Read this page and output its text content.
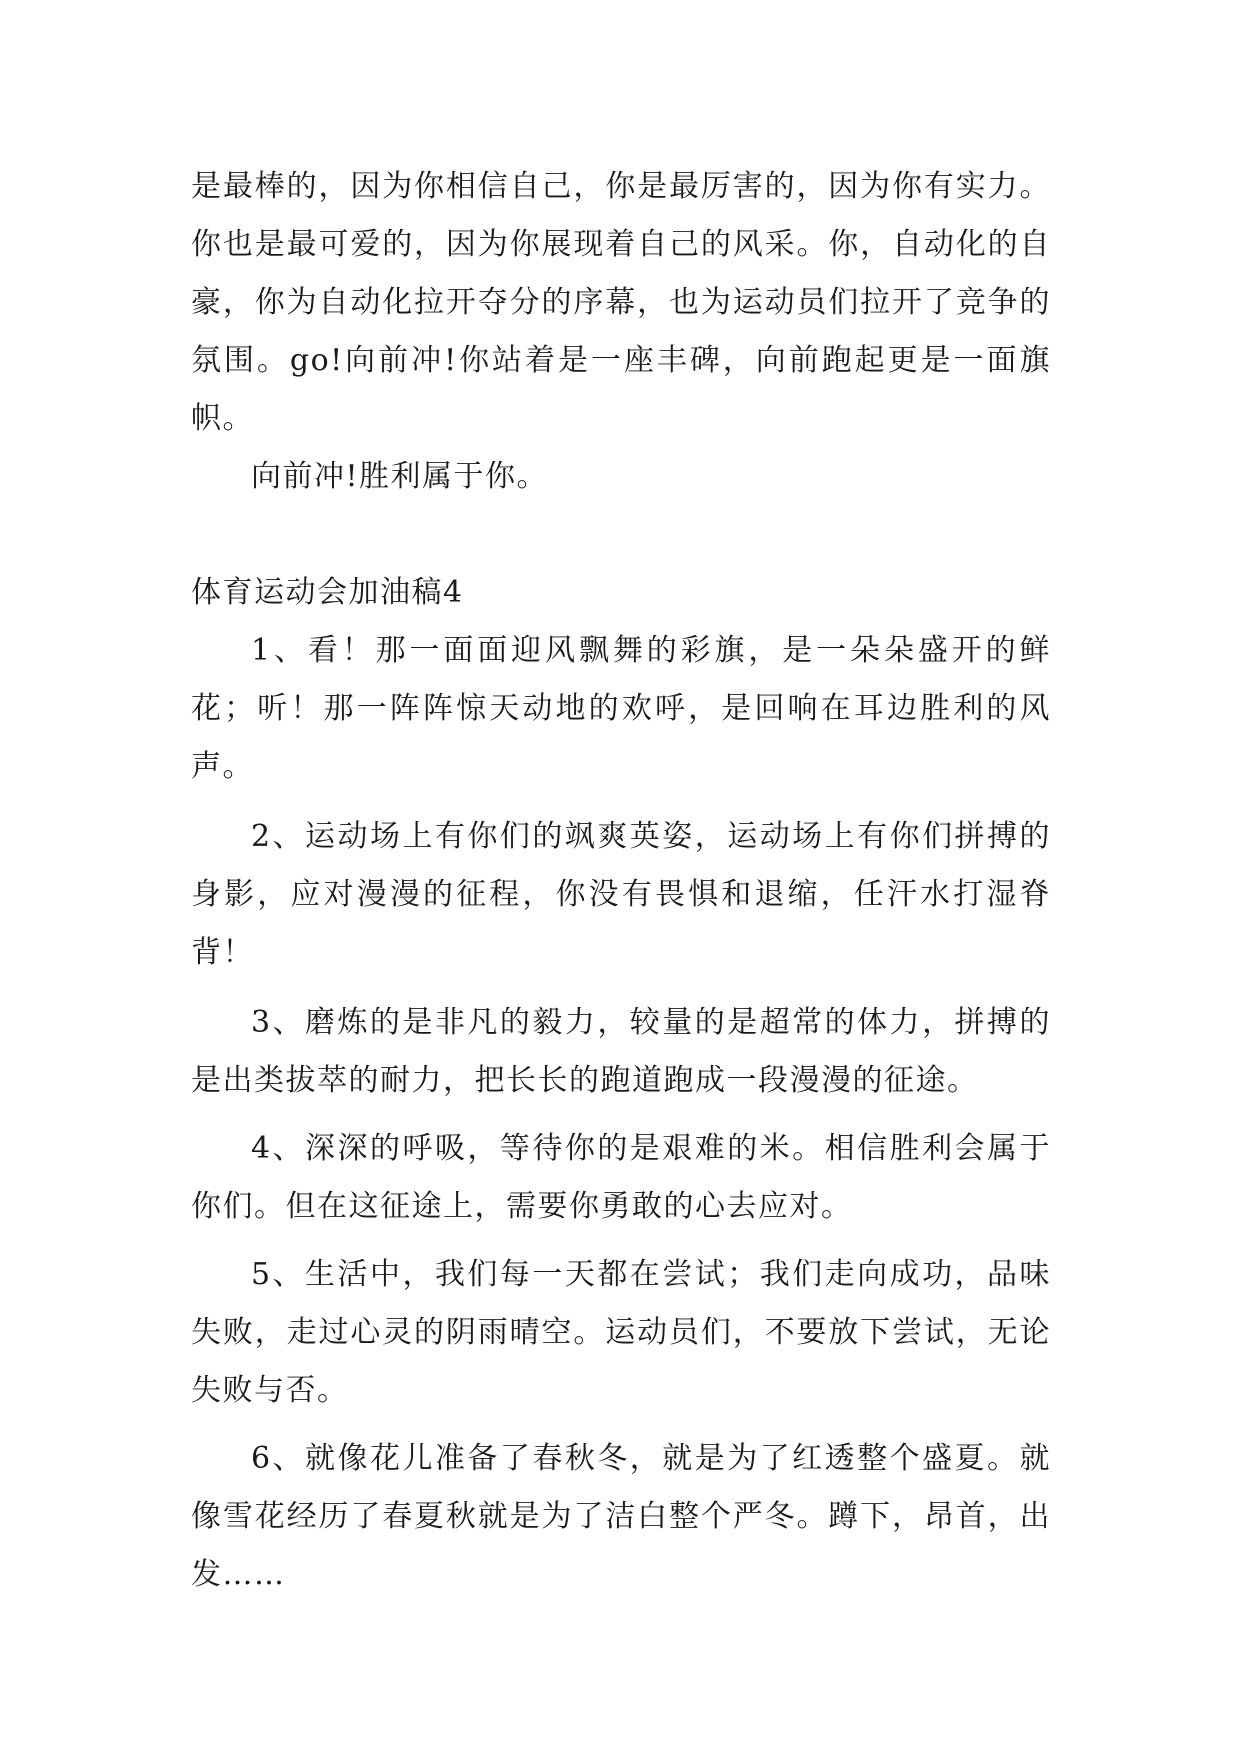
是最棒的，因为你相信自己，你是最厉害的，因为你有实力。你也是最可爱的，因为你展现着自己的风采。你，自动化的自豪，你为自动化拉开夺分的序幕，也为运动员们拉开了竞争的氛围。go!向前冲!你站着是一座丰碑，向前跑起更是一面旗帜。

向前冲!胜利属于你。

体育运动会加油稿4

1、看！那一面面迎风飘舞的彩旗，是一朵朵盛开的鲜花；听！那一阵阵惊天动地的欢呼，是回响在耳边胜利的风声。

2、运动场上有你们的飒爽英姿，运动场上有你们拼搏的身影，应对漫漫的征程，你没有畏惧和退缩，任汗水打湿脊背！

3、磨炼的是非凡的毅力，较量的是超常的体力，拼搏的是出类拔萃的耐力，把长长的跑道跑成一段漫漫的征途。

4、深深的呼吸，等待你的是艰难的米。相信胜利会属于你们。但在这征途上，需要你勇敢的心去应对。

5、生活中，我们每一天都在尝试；我们走向成功，品味失败，走过心灵的阴雨晴空。运动员们，不要放下尝试，无论失败与否。

6、就像花儿准备了春秋冬，就是为了红透整个盛夏。就像雪花经历了春夏秋就是为了洁白整个严冬。蹲下，昂首，出发……
